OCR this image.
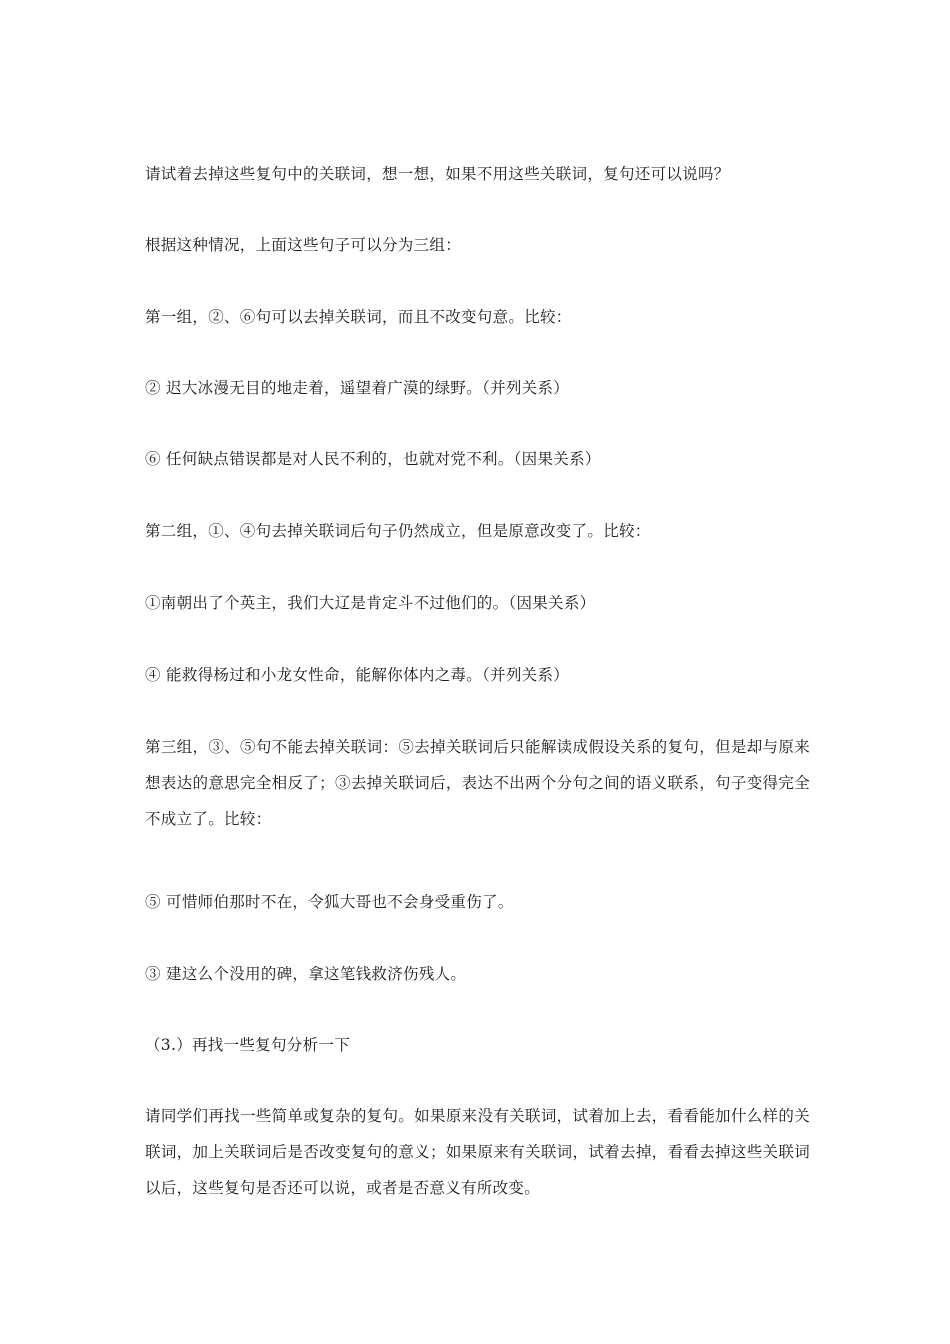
请试着去掉这些复句中的关联词，想一想，如果不用这些关联词，复句还可以说吗？

根据这种情况，上面这些句子可以分为三组：

第一组，②、⑥句可以去掉关联词，而且不改变句意。比较：

② 迟大冰漫无目的地走着，遥望着广漠的绿野。（并列关系）

⑥ 任何缺点错误都是对人民不利的，也就对党不利。（因果关系）

第二组，①、④句去掉关联词后句子仍然成立，但是原意改变了。比较：

①南朝出了个英主，我们大辽是肯定斗不过他们的。（因果关系）

④ 能救得杨过和小龙女性命，能解你体内之毒。（并列关系）

第三组，③、⑤句不能去掉关联词：⑤去掉关联词后只能解读成假设关系的复句，但是却与原来想表达的意思完全相反了；③去掉关联词后，表达不出两个分句之间的语义联系，句子变得完全不成立了。比较：

⑤ 可惜师伯那时不在，令狐大哥也不会身受重伤了。

③ 建这么个没用的碑，拿这笔钱救济伤残人。

（3.）再找一些复句分析一下

请同学们再找一些简单或复杂的复句。如果原来没有关联词，试着加上去，看看能加什么样的关联词，加上关联词后是否改变复句的意义；如果原来有关联词，试着去掉，看看去掉这些关联词以后，这些复句是否还可以说，或者是否意义有所改变。
